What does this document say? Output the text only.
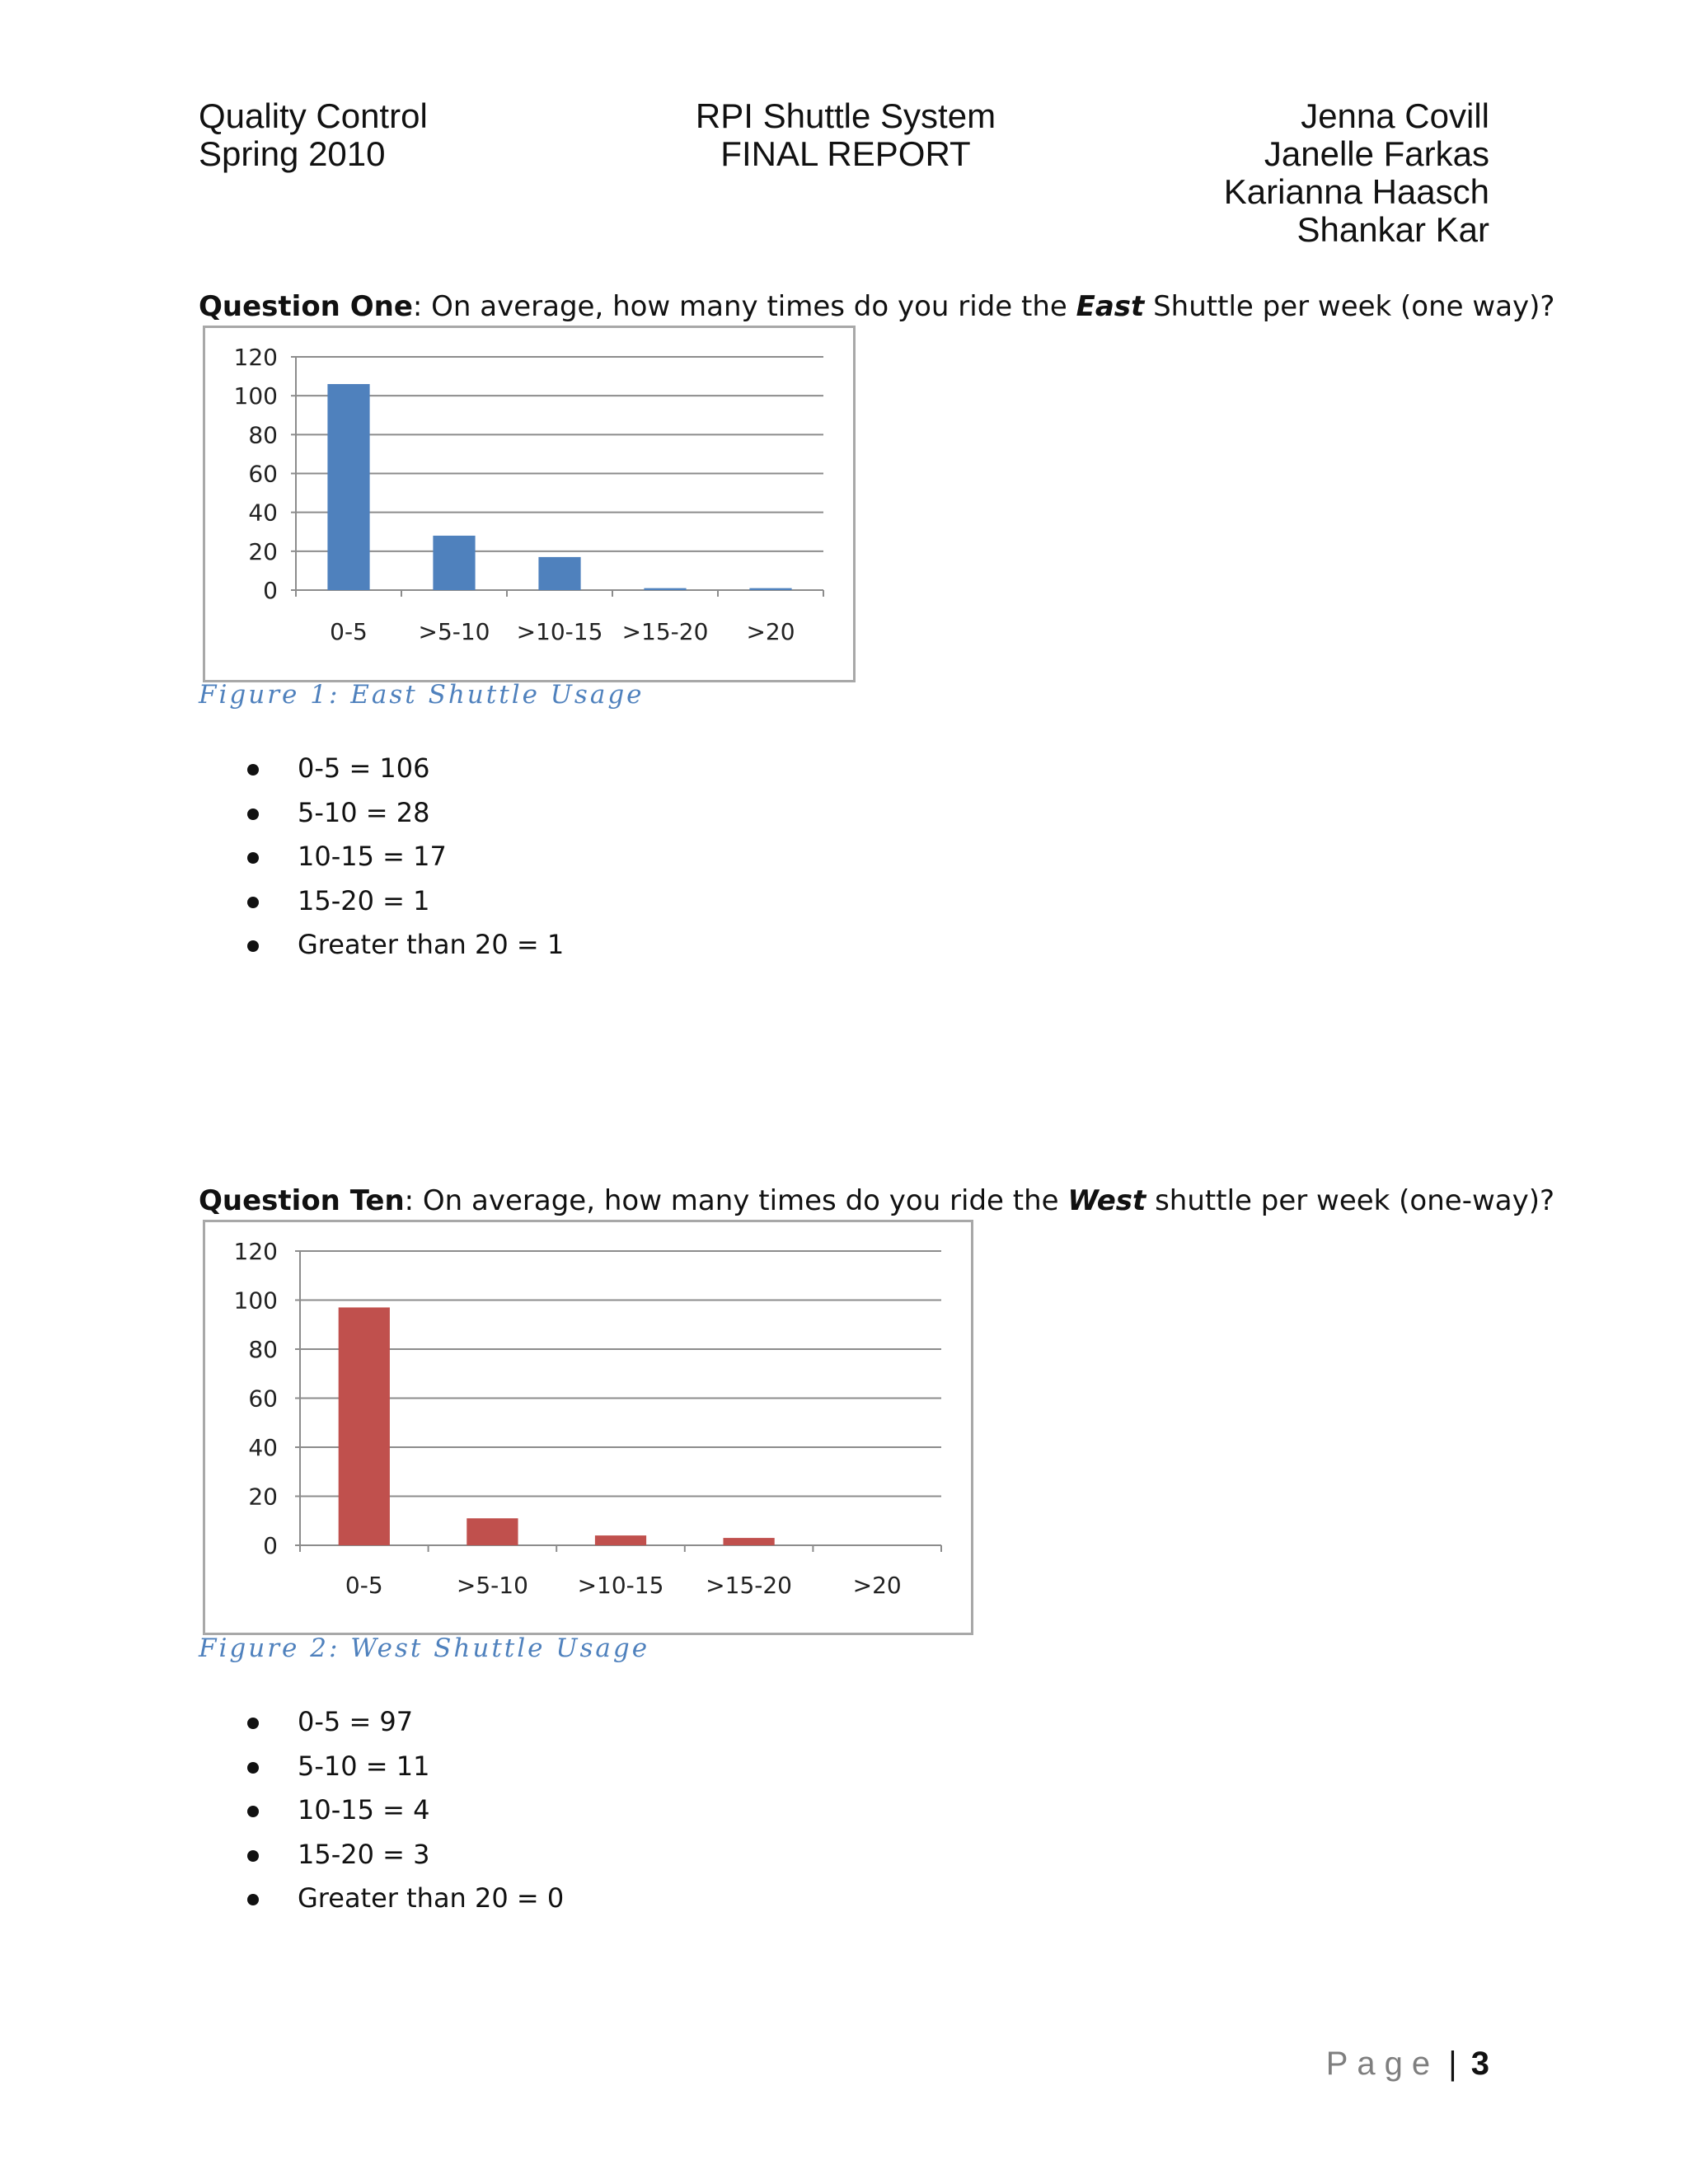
Quality Control
Spring 2010
RPI Shuttle System
FINAL REPORT
Jenna Covill
Janelle Farkas
Karianna Haasch
Shankar Kar
Question One: On average, how many times do you ride the East Shuttle per week (one way)?
0
20
40
60
80
100
120
0-5 >5-10 >10-15 >15-20 >20
Figure 1: East Shuttle Usage
0-5 = 106
5-10 = 28
10-15 = 17
15-20 = 1
Greater than 20 = 1
Question Ten: On average, how many times do you ride the West shuttle per week (one-way)?
0
20
40
60
80
100
120
0-5	>5-10 >10-15 >15-20	>20
Figure 2: West Shuttle Usage
0-5 = 97
5-10 = 11
10-15 = 4
15-20 = 3
Greater than 20 = 0
Page | 3
